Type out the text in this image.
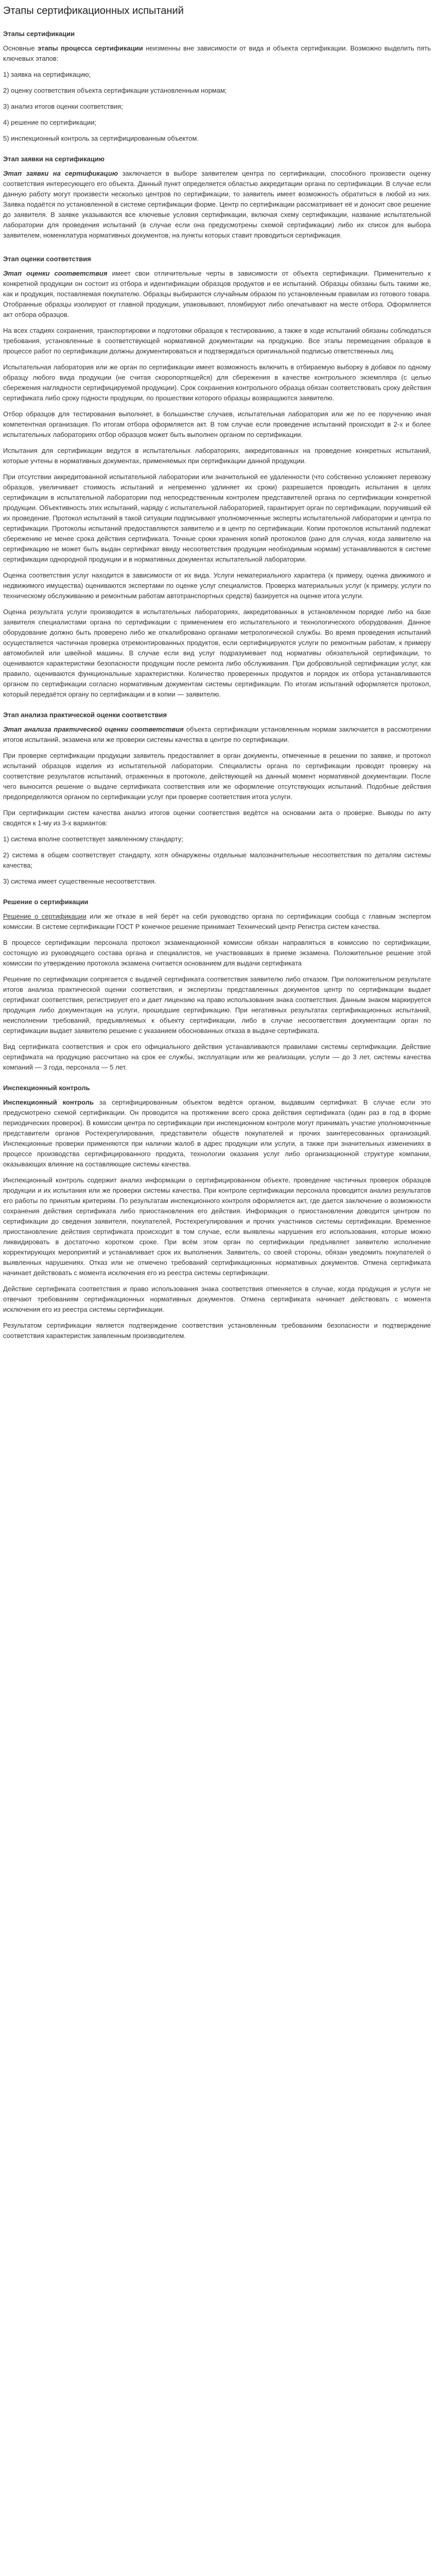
Этапы сертификационных испытаний
Этапы сертификации

Основные этапы процесса сертификации неизменны вне зависимости от вида и объекта сертификации. Возможно выделить пять ключевых этапов:

1) заявка на сертификацию;

2) оценку соответствия объекта сертификации установленным нормам;

3) анализ итогов оценки соответствия;

4) решение по сертификации;

5) инспекционный контроль за сертифицированным объектом.

Этап заявки на сертификацию

Этап заявки на сертификацию заключается в выборе заявителем центра по сертификации, способного произвести оценку соответствия интересующего его объекта. Данный пункт определяется областью аккредитации органа по сертификации. В случае если данную работу могут произвести несколько центров по сертификации, то заявитель имеет возможность обратиться в любой из них. Заявка подаётся по установленной в системе сертификации форме. Центр по сертификации рассматривает её и доносит свое решение до заявителя. В заявке указываются все ключевые условия сертификации, включая схему сертификации, название испытательной лаборатории для проведения испытаний (в случае если она предусмотрены схемой сертификации) либо их список для выбора заявителем, номенклатура нормативных документов, на пункты которых ставит проводиться сертификация.

Этап оценки соответствия

Этап оценки соответствия имеет свои отличительные черты в зависимости от объекта сертификации. Применительно к конкретной продукции он состоит из отбора и идентификации образцов продуктов и ее испытаний. Образцы обязаны быть такими же, как и продукция, поставляемая покупателю. Образцы выбираются случайным образом по установленным правилам из готового товара. Отобранные образцы изолируют от главной продукции, упаковывают, пломбируют либо опечатывают на месте отбора. Оформляется акт отбора образцов.

На всех стадиях сохранения, транспортировки и подготовки образцов к тестированию, а также в ходе испытаний обязаны соблюдаться требования, установленные в соответствующей нормативной документации на продукцию. Все этапы перемещения образцов в процессе работ по сертификации должны документироваться и подтверждаться оригинальной подписью ответственных лиц.

Испытательная лаборатория или же орган по сертификации имеет возможность включить в отбираемую выборку в добавок по одному образцу любого вида продукции (не считая скоропортящейся) для сбережения в качестве контрольного экземпляра (с целью сбережения наглядности сертифицируемой продукции). Срок сохранения контрольного образца обязан соответствовать сроку действия сертификата либо сроку годности продукции, по прошествии которого образцы возвращаются заявителю.

Отбор образцов для тестирования выполняет, в большинстве случаев, испытательная лаборатория или же по ее поручению иная компетентная организация. По итогам отбора оформляется акт. В том случае если проведение испытаний происходит в 2-х и более испытательных лабораториях отбор образцов может быть выполнен органом по сертификации.

Испытания для сертификации ведутся в испытательных лабораториях, аккредитованных на проведение конкретных испытаний, которые учтены в нормативных документах, применяемых при сертификации данной продукции.

При отсутствии аккредитованной испытательной лаборатории или значительной ее удаленности (что собственно усложняет перевозку образцов, увеличивает стоимость испытаний и непременно удлиняет их сроки) разрешается проводить испытания в целях сертификации в испытательной лаборатории под непосредственным контролем представителей органа по сертификации конкретной продукции. Объективность этих испытаний, наряду с испытательной лабораторией, гарантирует орган по сертификации, поручивший ей их проведение. Протокол испытаний в такой ситуации подписывают уполномоченные эксперты испытательной лаборатории и центра по сертификации. Протоколы испытаний предоставляются заявителю и в центр по сертификации. Копии протоколов испытаний подлежат сбережению не менее срока действия сертификата. Точные сроки хранения копий протоколов (рано для случая, когда заявителю на сертификацию не может быть выдан сертификат ввиду несоответствия продукции необходимым нормам) устанавливаются в системе сертификации однородной продукции и в нормативных документах испытательной лаборатории.

Оценка соответствия услуг находится в зависимости от их вида. Услуги нематериального характера (к примеру, оценка движимого и недвижимого имущества) оцениваются экспертами по оценке услуг специалистов. Проверка материальных услуг (к примеру, услуги по техническому обслуживанию и ремонтным работам автотранспортных средств) базируется на оценке итога услуги.

Оценка результата услуги производится в испытательных лабораториях, аккредитованных в установленном порядке либо на базе заявителя специалистами органа по сертификации с применением его испытательного и технологического оборудования. Данное оборудование должно быть проверено либо же откалибровано органами метрологической службы. Во время проведения испытаний осуществляется частичная проверка отремонтированных продуктов, если сертифицируются услуги по ремонтным работам, к примеру автомобилей или швейной машины. В случае если вид услуг подразумевает под нормативы обязательной сертификации, то оцениваются характеристики безопасности продукции после ремонта либо обслуживания. При добровольной сертификации услуг, как правило, оцениваются функциональные характеристики. Количество проверенных продуктов и порядок их отбора устанавливаются органом по сертификации согласно нормативным документам системы сертификации. По итогам испытаний оформляется протокол, который передаётся органу по сертификации и в копии — заявителю.

Этап анализа практической оценки соответствия

Этап анализа практической оценки соответствия объекта сертификации установленным нормам заключается в рассмотрении итогов испытаний, экзамена или же проверки системы качества в центре по сертификации.

При проверке сертификации продукции заявитель предоставляет в орган документы, отмеченные в решении по заявке, и протокол испытаний образцов изделия из испытательной лаборатории. Специалисты органа по сертификации проводят проверку на соответствие результатов испытаний, отраженных в протоколе, действующей на данный момент нормативной документации. После чего выносится решение о выдаче сертификата соответствия или же оформление отсутствующих испытаний. Подобные действия предопределяются органом по сертификации услуг при проверке соответствия итога услуги.

При сертификации систем качества анализ итогов оценки соответствия ведётся на основании акта о проверке. Выводы по акту сводятся к 1-му из 3-х вариантов:

1) система вполне соответствует заявленному стандарту;

2) система в общем соответствует стандарту, хотя обнаружены отдельные малозначительные несоответствия по деталям системы качества;

3) система имеет существенные несоответствия.

Решение о сертификации

Решение о сертификации или же отказе в ней берёт на себя руководство органа по сертификации сообща с главным экспертом комиссии. В системе сертификации ГОСТ Р конечное решение принимает Технический центр Регистра систем качества.

В процессе сертификации персонала протокол экзаменационной комиссии обязан направляться в комиссию по сертификации, состоящую из руководящего состава органа и специалистов, не участвовавших в приеме экзамена. Положительное решение этой комиссии по утверждению протокола экзамена считается основанием для выдачи сертификата

Решение по сертификации сопрягается с выдачей сертификата соответствия заявителю либо отказом. При положительном результате итогов анализа практической оценки соответствия, и экспертизы представленных документов центр по сертификации выдает сертификат соответствия, регистрирует его и дает лицензию на право использования знака соответствия. Данным знаком маркируется продукция либо документация на услуги, прошедшие сертификацию. При негативных результатах сертификационных испытаний, неисполнении требований, предъявляемых к объекту сертификации, либо в случае несоответствия документации орган по сертификации выдает заявителю решение с указанием обоснованных отказа в выдаче сертификата.

Вид сертификата соответствия и срок его официального действия устанавливаются правилами системы сертификации. Действие сертификата на продукцию рассчитано на срок ее службы, эксплуатации или же реализации, услуги — до 3 лет, системы качества компаний — 3 года, персонала — 5 лет.

Инспекционный контроль

Инспекционный контроль за сертифицированным объектом ведётся органом, выдавшим сертификат. В случае если это предусмотрено схемой сертификации. Он проводится на протяжении всего срока действия сертификата (один раз в год в форме периодических проверок). В комиссии центра по сертификации при инспекционном контроле могут принимать участие уполномоченные представители органов Ростехрегулирования, представители обществ покупателей и прочих заинтересованных организаций. Инспекционные проверки применяются при наличии жалоб в адрес продукции или услуги, а также при значительных изменениях в процессе производства сертифицированного продукта, технологии оказания услуг либо организационной структуре компании, оказывающих влияние на составляющие системы качества.

Инспекционный контроль содержит анализ информации о сертифицированном объекте, проведение частичных проверок образцов продукции и их испытания или же проверки системы качества. При контроле сертификации персонала проводится анализ результатов его работы по принятым критериям. По результатам инспекционного контроля оформляется акт, где дается заключение о возможности сохранения действия сертификата либо приостановления его действия. Информация о приостановлении доводится центром по сертификации до сведения заявителя, покупателей, Ростехрегулирования и прочих участников системы сертификации. Временное приостановление действия сертификата происходит в том случае, если выявлены нарушения его использования, которые можно ликвидировать в достаточно коротком сроке. При всём этом орган по сертификации предъявляет заявителю исполнение корректирующих мероприятий и устанавливает срок их выполнения. Заявитель, со своей стороны, обязан уведомить покупателей о выявленных нарушениях. Отказ или не отмечено требований сертификационных нормативных документов. Отмена сертификата начинает действовать с момента исключения его из реестра системы сертификации.

Действие сертификата соответствия и право использования знака соответствия отменяется в случае, когда продукция и услуги не отвечают требованиям сертификационных нормативных документов. Отмена сертификата начинает действовать с момента исключения его из реестра системы сертификации.

Результатом сертификации является подтверждение соответствия установленным требованиям безопасности и подтверждение соответствия характеристик заявленным производителем.
